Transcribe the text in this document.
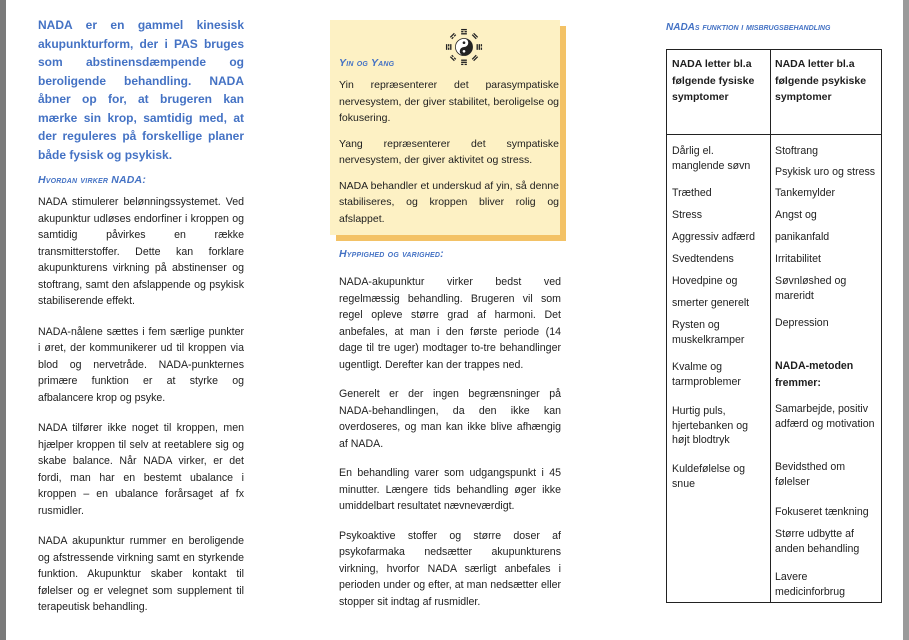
NADA er en gammel kinesisk akupunkturform, der i PAS bruges som abstinensdæmpende og beroligende behandling. NADA åbner op for, at brugeren kan mærke sin krop, samtidig med, at der reguleres på forskellige planer både fysisk og psykisk.

Hvordan virker NADA:

NADA stimulerer belønningssystemet. Ved akupunktur udløses endorfiner i kroppen og samtidig påvirkes en række transmitterstoffer. Dette kan forklare akupunkturens virkning på abstinenser og stoftrang, samt den afslappende og psykisk stabiliserende effekt.

NADA-nålene sættes i fem særlige punkter i øret, der kommunikerer ud til kroppen via blod og nervetråde. NADA-punkternes primære funktion er at styrke og afbalancere krop og psyke.

NADA tilfører ikke noget til kroppen, men hjælper kroppen til selv at reetablere sig og skabe balance. Når NADA virker, er det fordi, man har en bestemt ubalance i kroppen – en ubalance forårsaget af fx rusmidler.

NADA akupunktur rummer en beroligende og afstressende virkning samt en styrkende funktion. Akupunktur skaber kontakt til følelser og er velegnet som supplement til terapeutisk behandling.

Yin og Yang

Yin repræsenterer det parasympatiske nervesystem, der giver stabilitet, beroligelse og fokusering.

Yang repræsenterer det sympatiske nervesystem, der giver aktivitet og stress.

NADA behandler et underskud af yin, så denne stabiliseres, og kroppen bliver rolig og afslappet.

Hyppighed og varighed:

NADA-akupunktur virker bedst ved regelmæssig behandling. Brugeren vil som regel opleve større grad af harmoni. Det anbefales, at man i den første periode (14 dage til tre uger) modtager to-tre behandlinger ugentligt. Derefter kan der trappes ned.

Generelt er der ingen begrænsninger på NADA-behandlingen, da den ikke kan overdoseres, og man kan ikke blive afhængig af NADA.

En behandling varer som udgangspunkt i 45 minutter. Længere tids behandling øger ikke umiddelbart resultatet nævneværdigt.

Psykoaktive stoffer og større doser af psykofarmaka nedsætter akupunkturens virkning, hvorfor NADA særligt anbefales i perioden under og efter, at man nedsætter eller stopper sit indtag af rusmidler.

NADAs funktion i misbrugsbehandling
NADA letter bl.a følgende fysiske symptomer
NADA letter bl.a følgende psykiske symptomer
Dårlig el. manglende søvn
Træthed
Stress
Aggressiv adfærd
Svedtendens
Hovedpine og
smerter generelt
Rysten og muskelkramper
Kvalme og tarmproblemer
Hurtig puls, hjertebanken og højt blodtryk
Kuldefølelse og snue
Stoftrang
Psykisk uro og stress
Tankemylder
Angst og
panikanfald
Irritabilitet
Søvnløshed og mareridt
Depression
NADA-metoden fremmer:
Samarbejde, positiv adfærd og motivation
Bevidsthed om følelser
Fokuseret tænkning
Større udbytte af anden behandling
Lavere medicinforbrug
